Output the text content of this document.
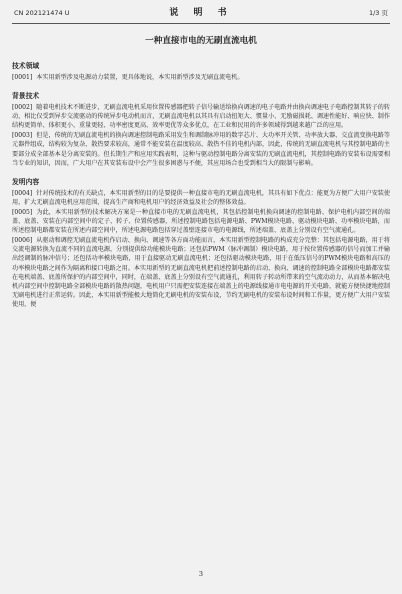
CN 202121474 U	说 明 书	1/3 页
一种直接市电的无刷直流电机
技术领域

[0001] 本实用新型涉及电源动力装置，更具体地说，本实用新型涉及无刷直流电机。

背景技术

[0002] 随着电机技术不断进步，无刷直流电机采用位置传感器把转子信号输送给换向调速的电子电路并由换向调速电子电路控制其转子的转动，相比仅受到异步交流驱动的传统异步电动机而言，无刷直流电机以其具有启动扭矩大、惯量小、无励磁损耗、调速性能好、响应快、制作结构更简单、体积更小、重量更轻、功率密度更高、效率更优等众多优点，在工业和民用的许多领域得到越来越广泛的应用。

[0003] 但是，传统的无刷直流电机的换向调速控制电路采用发生和调制脉冲用的数字芯片、大功率开关管、功率放大器、交直流变换电路等元器件组成，结构较为复杂、散热要求较高，通常不能安装在温度较高、散热不佳的电机内部，因此，传统的无刷直流电机与其控制电路的主要部分成全部基本是分离安装的。但长期生产和应用实践表明，这种与驱动控制电路分离安装的无刷直流电机，其控制电路的安装布设需要相当专业的知识，因而，广大用户在其安装布设中会产生很多困惑与不便，其应用场合也受到相当大的限制与影响。

发明内容

[0004] 针对传统技术的有关缺点，本实用新型的目的是要提供一种直接市电的无刷直流电机，其具有如下优点：能更为方便广大用户安装使用，扩大无刷直流电机应用范围，提高生产商和电机用户的经济效益及社会的整体效益。

[0005] 为此，本实用新型的技术解决方案是一种直接市电的无刷直流电机，其包括控制电机换向调速的控制电路、保护电机内部空间的端盖、底盖、安装在内部空间中的定子、转子、位置传感器，所述控制电路包括电源电路、PWM模块电路、驱动模块电路、功率模块电路，而所述控制电路都安装在所述内部空间中，所述电源电路包括穿过盖壁连接市电的电源线，所述端盖、底盖上分别设有空气流通孔。

[0006] 从驱动和调控无刷直流电机作启动、换向、调速等各方面功能而言，本实用新型控制电路的构成充分完整：其包括电源电路，用于将交流电源转换为直流不同的直流电源，分别提供给功能模块电路；还包括PWM（脉冲调制）模块电路，用于按位置传感器的信号而加工并输出经调制的脉冲信号；还包括功率模块电路，用于直接驱动无刷直流电机；还包括驱动模块电路，用于在低压信号的PWM模块电路和高压的功率模块电路之间作为隔离和接口电路之用。本实用新型的无刷直流电机把前述控制电路的启动、换向、调速的控制电路全部模块电路都安装在电机端盖、底盖所保护的内部空间中，同时，在端盖、底盖上分别设有空气流通孔，利用转子转动所带来的空气流动动力，从而基本解决电机内部空间中控制电路全部模块电路的散热问题，电机用户只需把安装连接在端盖上的电源线接通市电电源的开关电路，就能方便快捷地控制无刷电机进行正常运转。因此，本实用新型能极大地简化无刷电机的安装布设，节约无刷电机的安装布设时间和工作量，更方便广大用户安装使用，便

3
